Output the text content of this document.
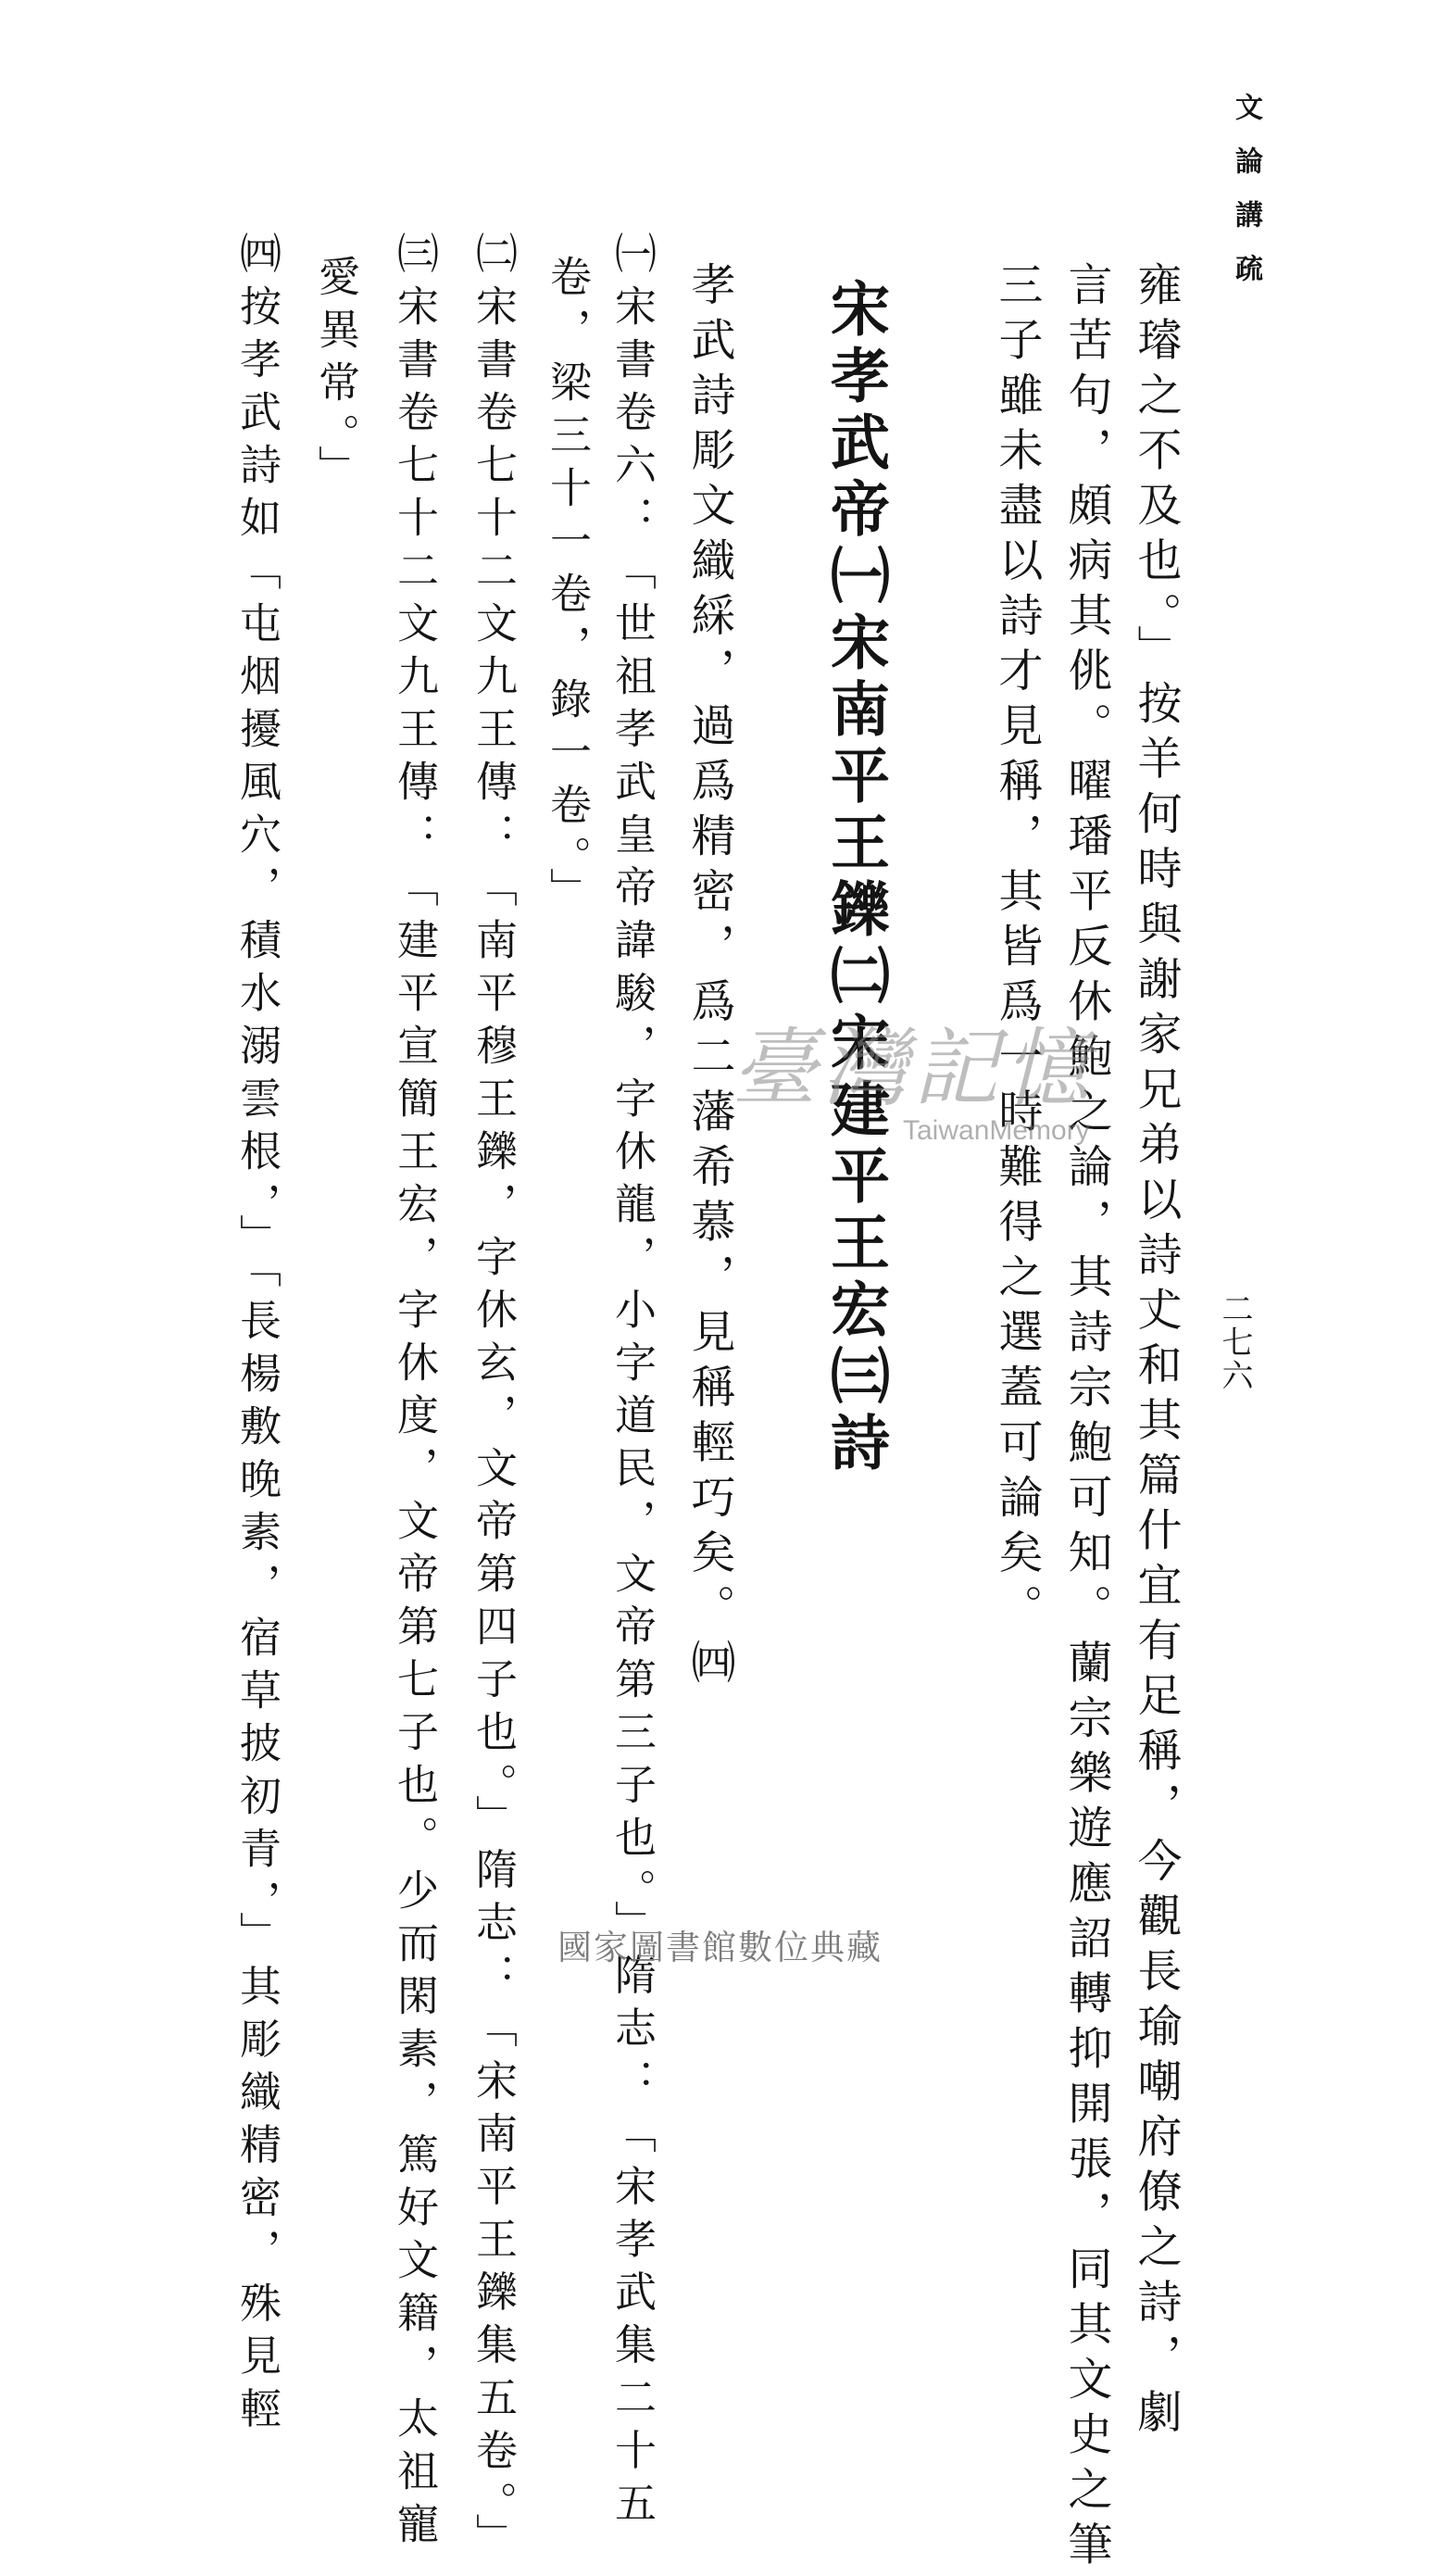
文論講疏
二七六
雍璿之不及也。」按羊何時與謝家兄弟以詩𠀋和其篇什宜有足稱，今觀長瑜嘲府僚之詩，劇
言苦句，頗病其佻。曜璠平反休鮑之論，其詩宗鮑可知。蘭宗樂遊應詔轉抑開張，同其文史之筆
三子雖未盡以詩才見稱，其皆爲一時難得之選蓋可論矣。
宋孝武帝㈠宋南平王鑠㈡宋建平王宏㈢詩
孝武詩彫文織綵，過爲精密，爲二藩希慕，見稱輕巧矣。㈣
㈠宋書卷六：「世祖孝武皇帝諱駿，字休龍，小字道民，文帝第三子也。」隋志：「宋孝武集二十五
卷，梁三十一卷，錄一卷。」
㈡宋書卷七十二文九王傳：「南平穆王鑠，字休玄，文帝第四子也。」隋志：「宋南平王鑠集五卷。」
㈢宋書卷七十二文九王傳：「建平宣簡王宏，字休度，文帝第七子也。少而閑素，篤好文籍，太祖寵
愛異常。」
㈣按孝武詩如「屯烟擾風穴，積水溺雲根，」「長楊敷晚素，宿草披初青，」其彫織精密，殊見輕	臺灣記憶
TaiwanMemory
國家圖書館數位典藏
